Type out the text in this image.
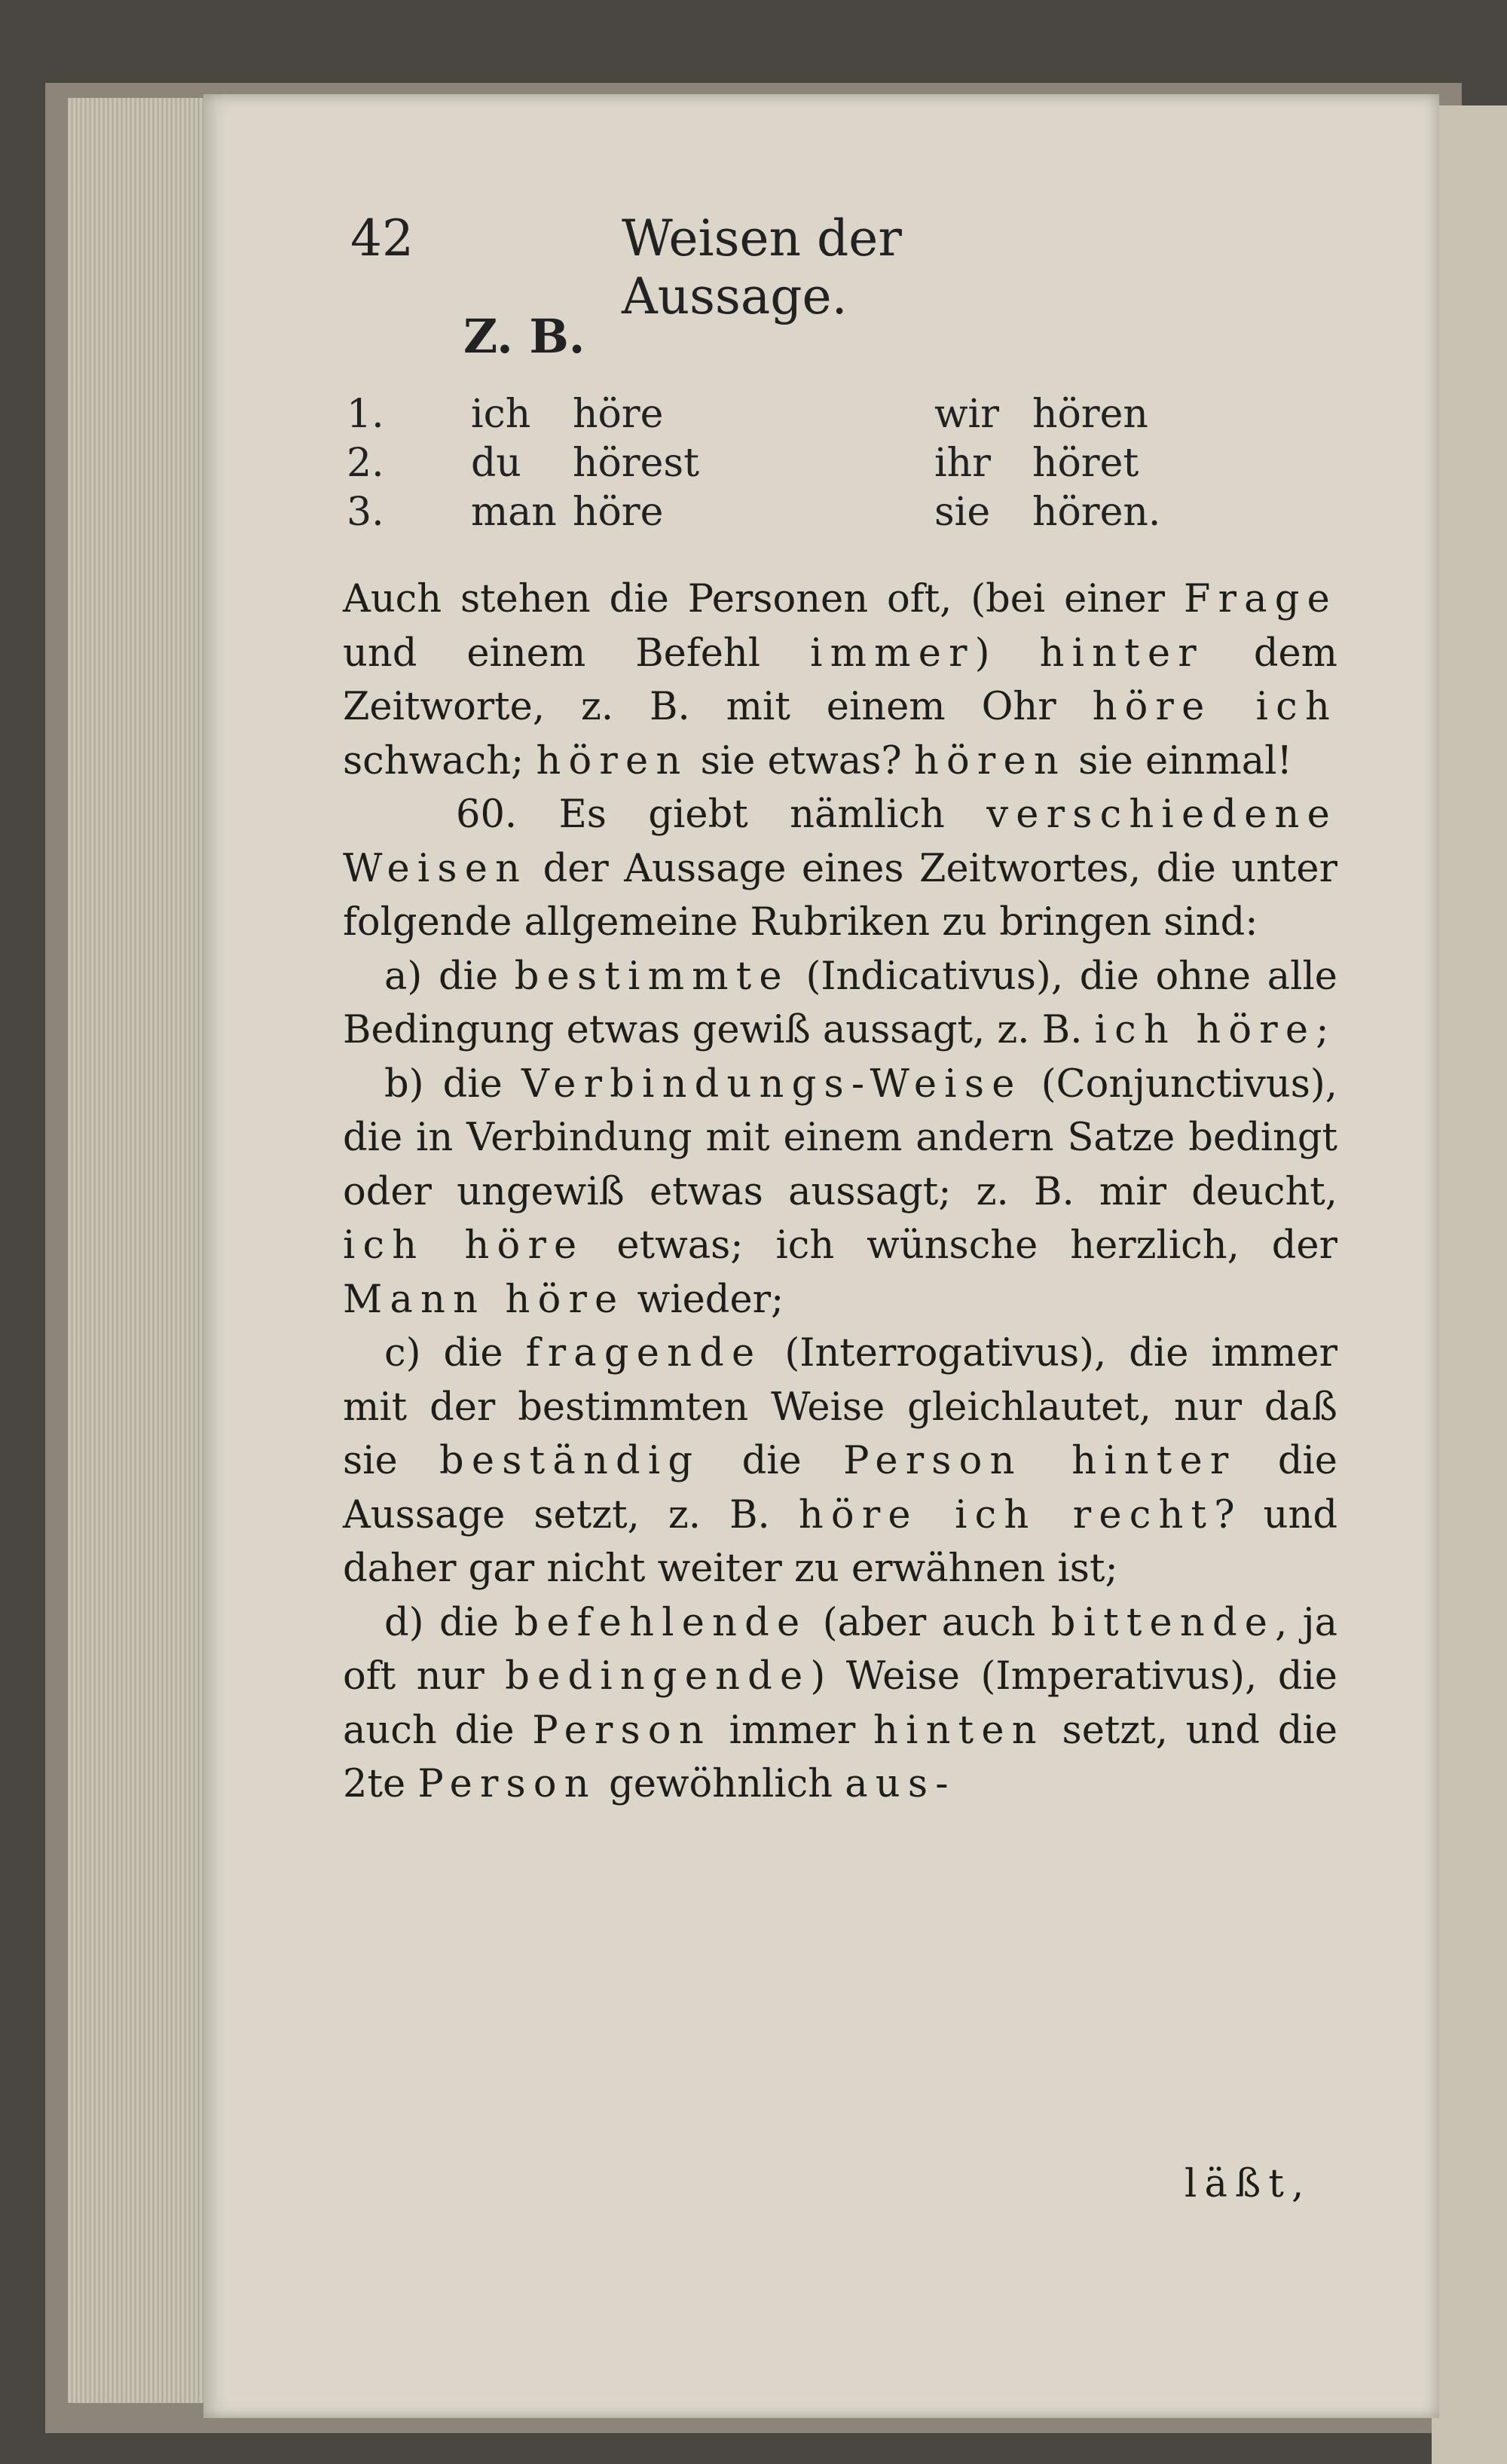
42	Weisen der Aussage.
Z. B.
1. ich höre	wir hören
2. du hörest	ihr höret
3. man höre	sie hören.

Auch stehen die Personen oft, (bei einer Frage und einem Befehl immer) hinter dem Zeitworte, z. B. mit einem Ohr höre ich schwach; hören sie etwas? hören sie einmal!

60. Es giebt nämlich verschiedene Weisen der Aussage eines Zeitwortes, die unter folgende allgemeine Rubriken zu bringen sind:

a) die bestimmte (Indicativus), die ohne alle Bedingung etwas gewiß aussagt, z. B. ich höre;

b) die Verbindungs-Weise (Conjunctivus), die in Verbindung mit einem andern Satze bedingt oder ungewiß etwas aussagt; z. B. mir deucht, ich höre etwas; ich wünsche herzlich, der Mann höre wieder;

c) die fragende (Interrogativus), die immer mit der bestimmten Weise gleichlautet, nur daß sie beständig die Person hinter die Aussage setzt, z. B. höre ich recht? und daher gar nicht weiter zu erwähnen ist;

d) die befehlende (aber auch bittende, ja oft nur bedingende) Weise (Imperativus), die auch die Person immer hinten setzt, und die 2te Person gewöhnlich aus-

läßt,
